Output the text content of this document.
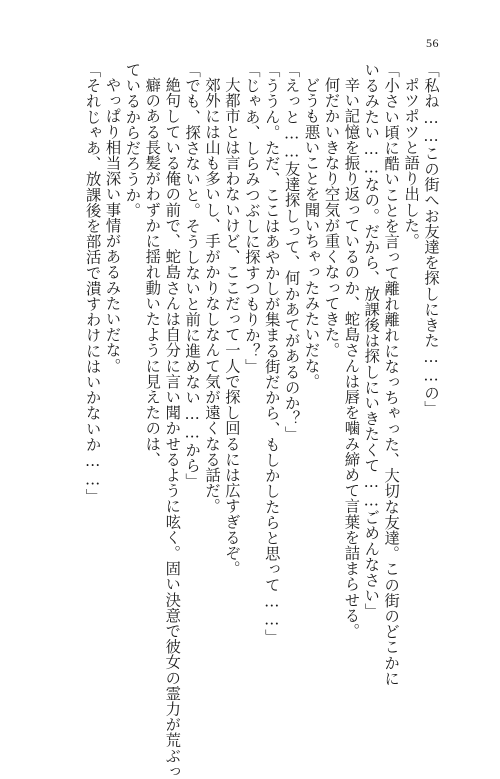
56
「私ね……この街へお友達を探しにきた……の」
ポツポツと語り出した。
「小さい頃に酷いことを言って離れ離れになっちゃった、大切な友達。この街のどこかに
いるみたい……なの。だから、放課後は探しにいきたくて……ごめんなさい」
辛い記憶を振り返っているのか、蛇島さんは唇を噛み締めて言葉を詰まらせる。
何だかいきなり空気が重くなってきた。
どうも悪いことを聞いちゃったみたいだな。
「えっと……友達探しって、何かあてがあるのか？」
「ううん。ただ、ここはあやかしが集まる街だから、もしかしたらと思って……」
「じゃあ、しらみつぶしに探すつもりか？」
大都市とは言わないけど、ここだって一人で探し回るには広すぎるぞ。
郊外には山も多いし、手がかりなしなんて気が遠くなる話だ。
「でも、探さないと。そうしないと前に進めない……から」
絶句している俺の前で、蛇島さんは自分に言い聞かせるように呟く。固い決意で彼女の霊力が荒ぶっ
癖のある長髪がわずかに揺れ動いたように見えたのは、
ているからだろうか。
やっぱり相当深い事情があるみたいだな。
「それじゃあ、放課後を部活で潰すわけにはいかないか……」
